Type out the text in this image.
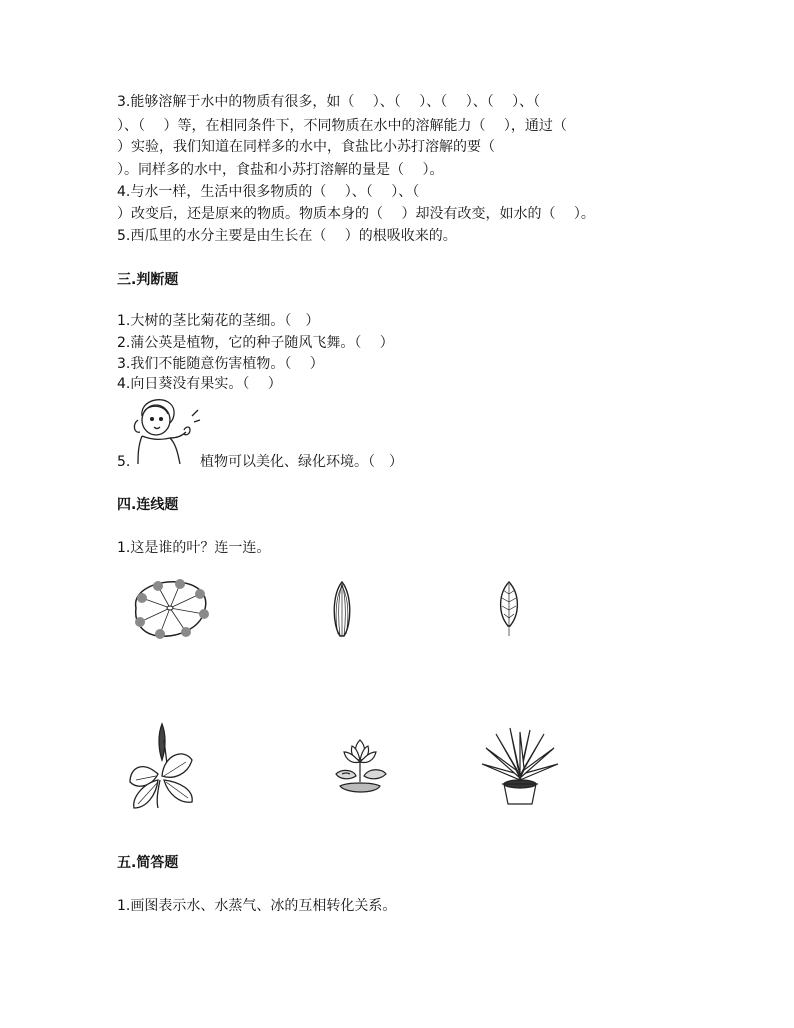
3.能够溶解于水中的物质有很多，如（　 ）、（　 ）、（　 ）、（　 ）、（
）、（　 ）等，在相同条件下，不同物质在水中的溶解能力（　 ），通过（
）实验，我们知道在同样多的水中，食盐比小苏打溶解的要（
）。同样多的水中，食盐和小苏打溶解的量是（　 ）。
4.与水一样，生活中很多物质的（　 ）、（　 ）、（
）改变后，还是原来的物质。物质本身的（　 ）却没有改变，如水的（　 ）。
5.西瓜里的水分主要是由生长在（　 ）的根吸收来的。
三.判断题
1.大树的茎比菊花的茎细。（　）
2.蒲公英是植物，它的种子随风飞舞。（　 ）
3.我们不能随意伤害植物。（　 ）
4.向日葵没有果实。（　 ）
5.	植物可以美化、绿化环境。（　）
四.连线题
1.这是谁的叶？连一连。
五.简答题
1.画图表示水、水蒸气、冰的互相转化关系。
